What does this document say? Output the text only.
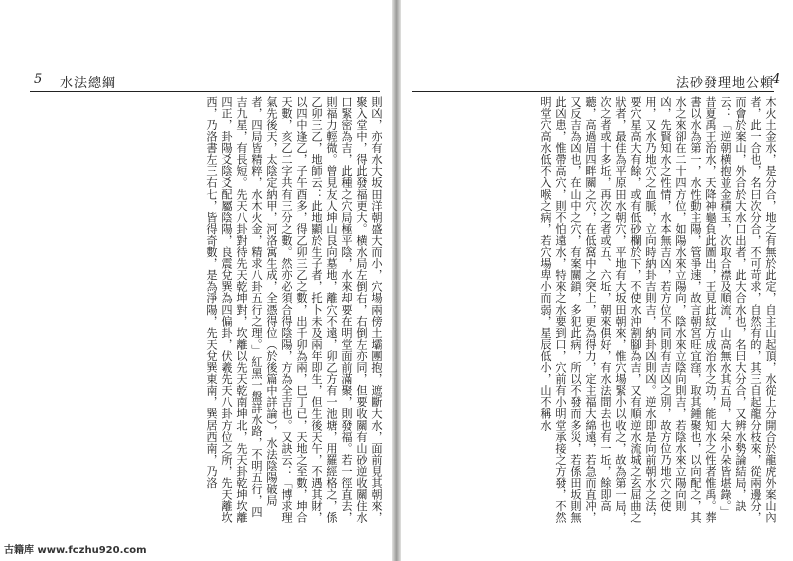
5 水法總綱	法砂發理地公頼
4
則凶，亦有水大坂田洋朝盛大而小，穴場兩傍土壩團抱，遮斷大水，面前見其朝來，聚入堂中，得此發福更大。横水局左倒右，右倒左亦同，但要收關有山砂逆收關住水口緊密為吉，此種之穴局極平陰，水來却要在明堂面前滿聚，則發福。若一徑直去，則福力輕微。曾見友人坤山艮向墓地，離穴不遠，卯乙方有一池塘，用羅經格之，係乙卯三乙，地師云：此地顯於生子者，托卜未及兩年即生，但生後天午，不遇其財，以四中逢乙，子午酉多，得乙卯三乙之數，出千卯為兩，巳丁已，天地之至數，坤合天數，亥乙二字共有三分之數。然亦必須合得陰陽，方為全吉也。又訣云：「博求理氣先後天，太陰定納甲，河洛寓生成，全憑得位（於後篇中詳論），水法陰陽破局者，四局皆精粹，水木火金，精求八卦五行之理。」紅黑一盤詳水路，不明五行，四吉九星，有長短。先天八卦對待先天乾坤對，坎離以先天乾南坤北，先天卦乾坤坎離四正，卦陽爻陰爻配屬陰陽，良震兌巽為四偏卦，伏羲先天八卦方位之所，先天離坎西，乃洛書左三右七，皆得奇數，是為淨陽，先天兌巽東南，巽居西南，乃洛	木火土金水，是分合，地之有無於此定，自主山起頂，水從上分開合於龍虎外案山內者，此一合也，名曰次分合，不可苛求，自然有的，其三自起龍分枝來，從兩邊分，而會於案山，外合於大水口出者，此大合水也，名曰大分合，又辨水勢論結局，訣云：「逆朝横抱並金積玉，次取合襟及順流，山高無水其五局，大朵小朵皆堪錄。」昔夏禹王治水，天降神龜負此圖出，王見此紋方成治水之功，能知水之性者惟禹。葬書以水為第一，水性動主陽，管爭速，故言朝宮旺宜窪，取其鍾聚也，以向配之，其水之來卻在二十四方位，如陽水來立陽向，陰水來立陰向則吉，若陰水來立陽向則凶，先賢知水之性情，水本無吉凶，若方位不同則有吉凶之別，故方位乃地穴之使用，又水乃地穴之血脈，立向時納卦吉則吉，納卦凶則凶。逆水即是向前朝水之法，要穴星高大有餘，或有低砂欄於下，不使水沖割腳為吉，又有順逆水流城之玄屈曲之狀者，最佳為平原田水朝穴，平地有大坂田朝來，惟穴場緊小以收之，故為第一局，次之者或十多坵，再次之者或五、六坵，朝來俱好，有水法間去也有一坵，餘即高聽，高過眉四畔關之穴，在低窩中之突上，更為得力，定主福大綿遠，若急而直冲，又反吉為凶也，在山中之穴，有案關鎖，多犯此病，所以不發而多災，若係田坂則無此凶患，惟帶高穴，則不怕遠水，特來之水要到口，穴前有小明堂承接之方發，不然明堂穴高水低不入喉之病，若穴場卑小而弱，星辰低小，山不稱水
古籍库 www.fczhu920.com
